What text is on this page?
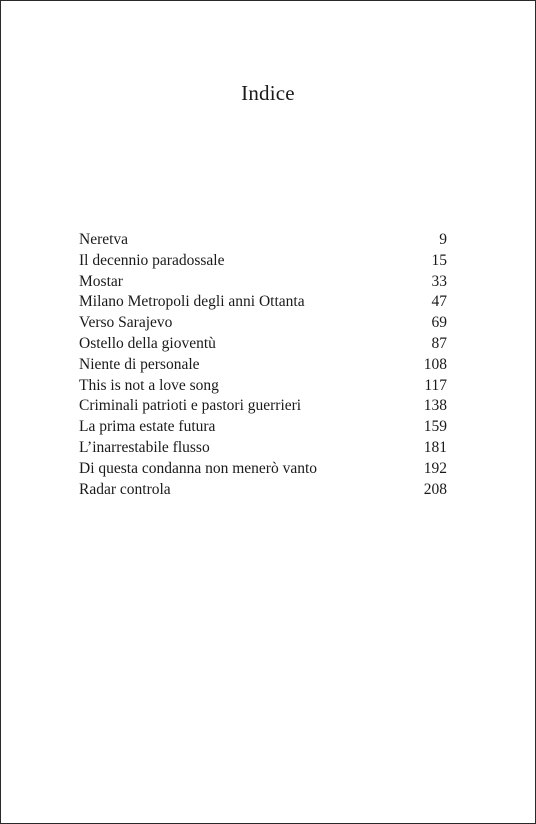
Indice
Neretva	9
Il decennio paradossale	15
Mostar	33
Milano Metropoli degli anni Ottanta	47
Verso Sarajevo	69
Ostello della gioventù	87
Niente di personale	108
This is not a love song	117
Criminali patrioti e pastori guerrieri	138
La prima estate futura	159
L’inarrestabile flusso	181
Di questa condanna non menerò vanto	192
Radar controla	208
